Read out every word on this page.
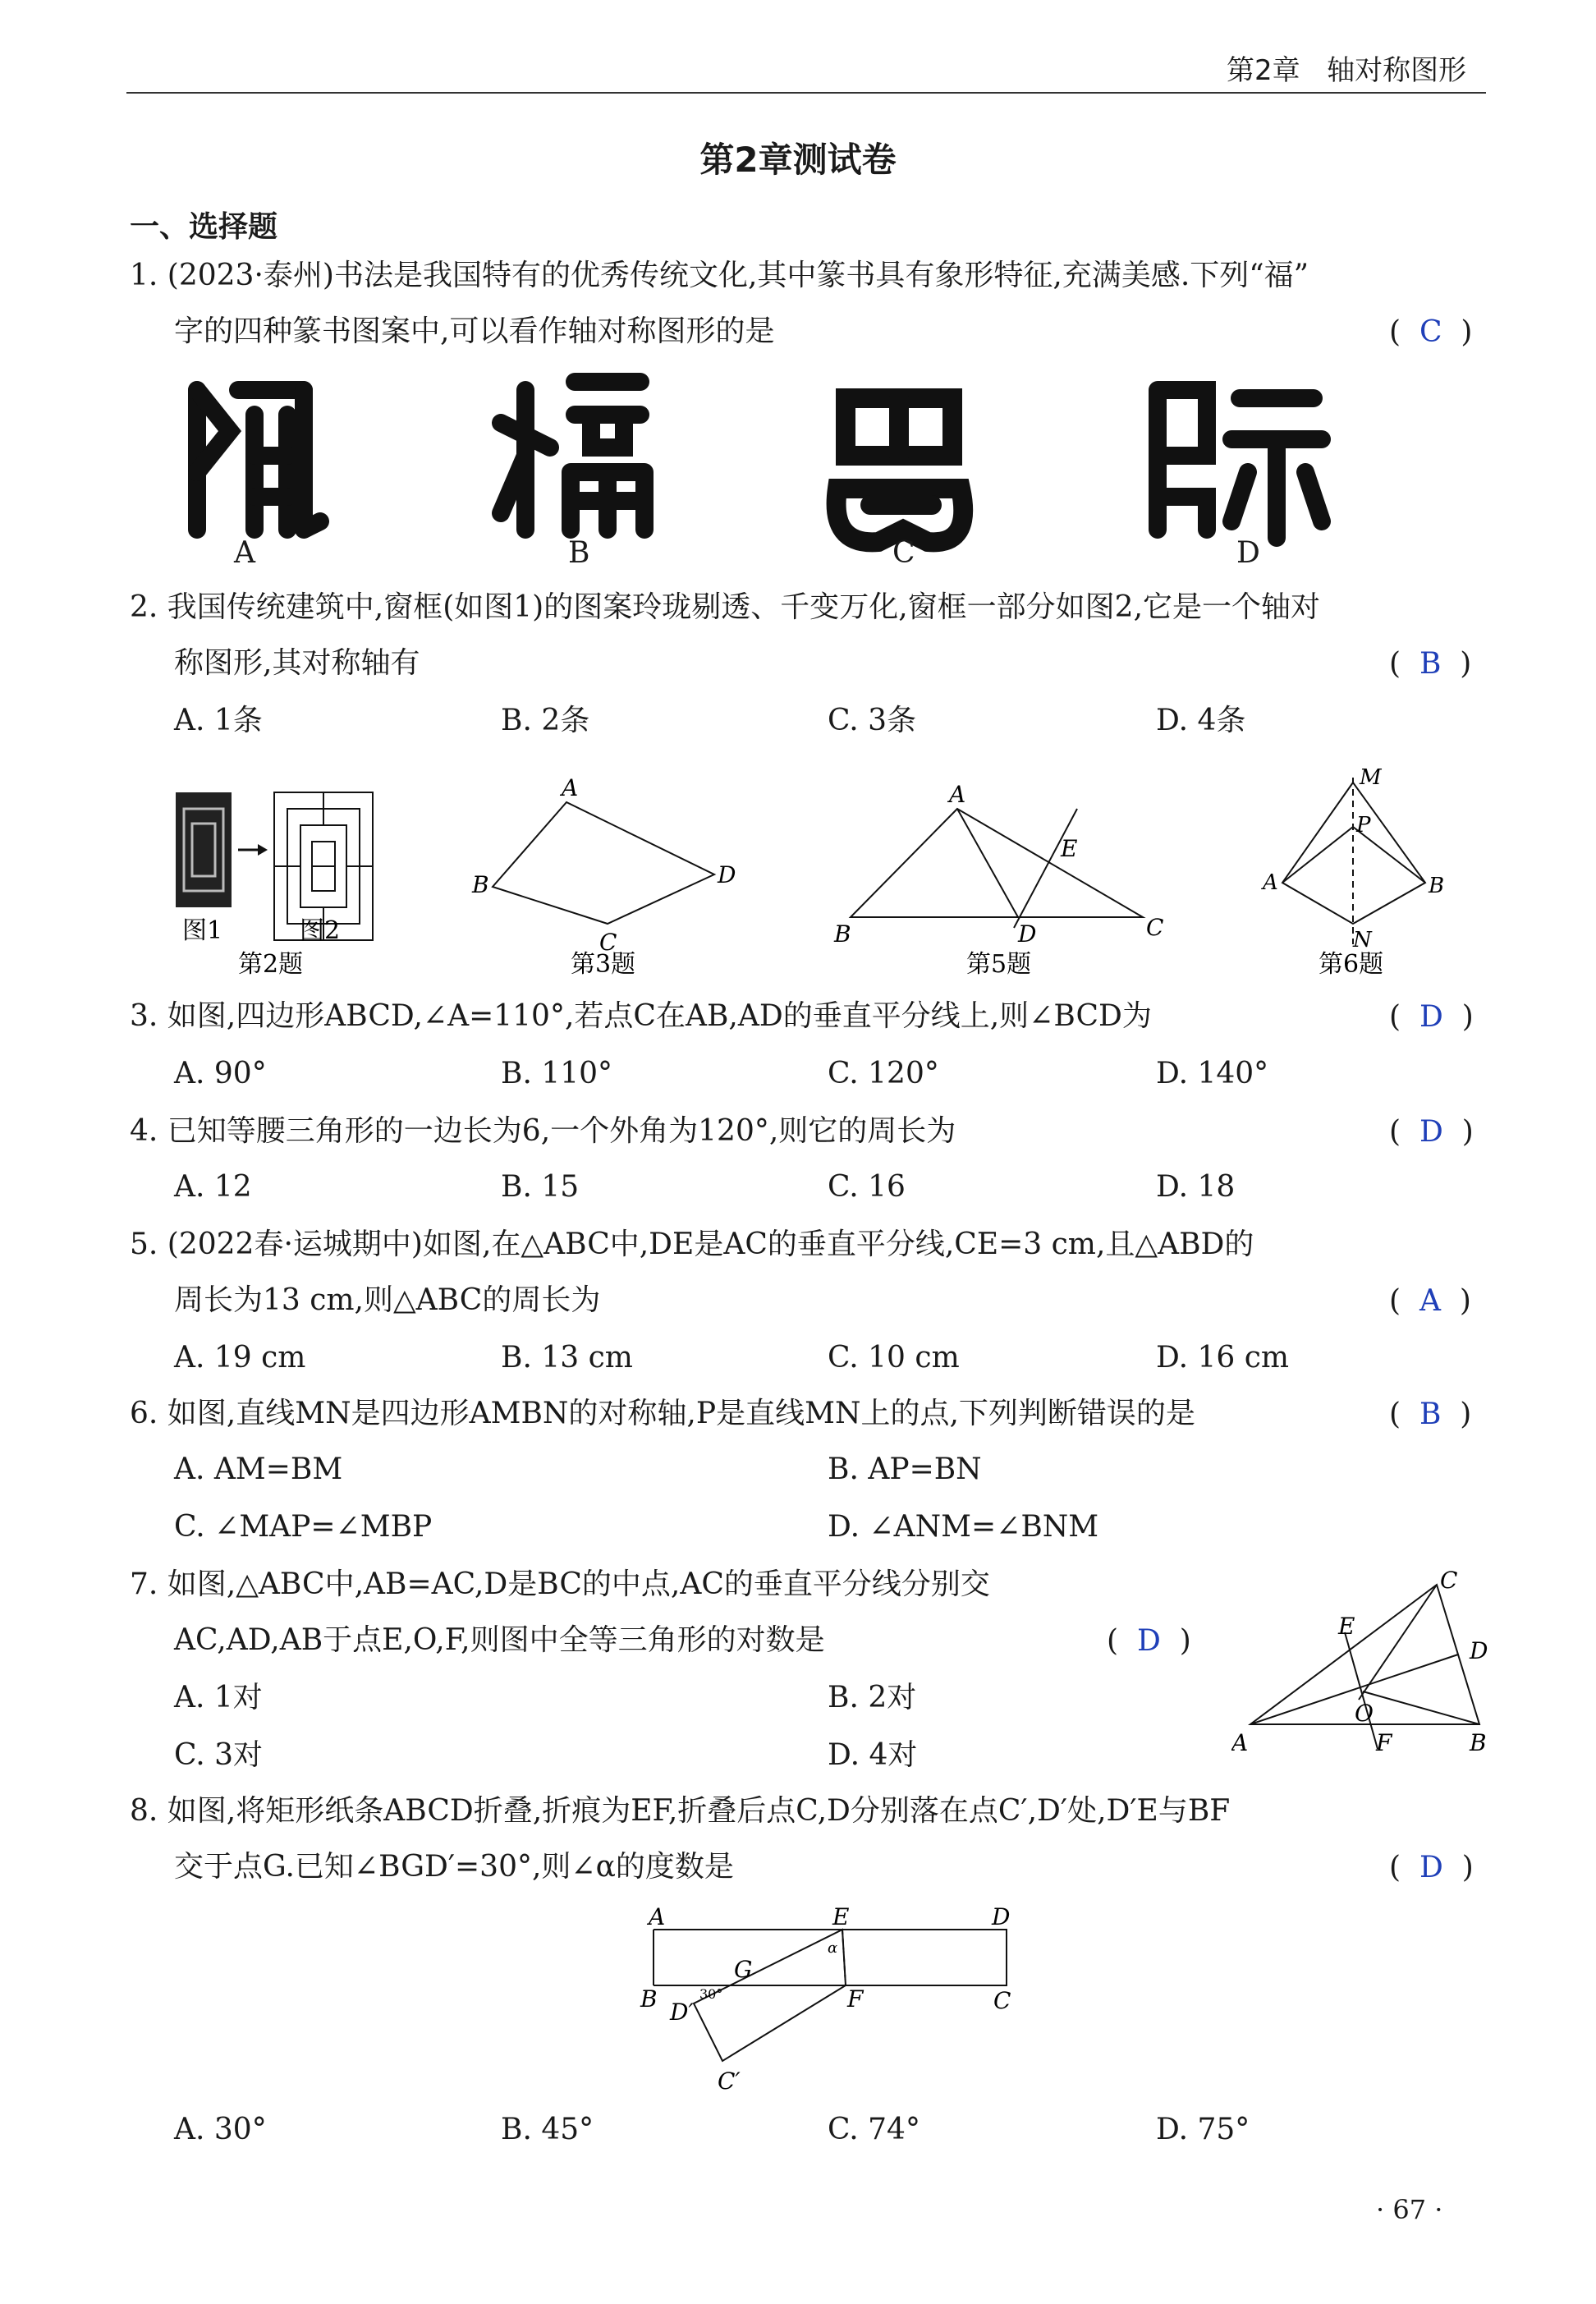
第2章 轴对称图形
第2章测试卷
一、选择题
1. (2023·泰州)书法是我国特有的优秀传统文化,其中篆书具有象形特征,充满美感.下列“福”
字的四种篆书图案中,可以看作轴对称图形的是	(  C  )
A	B	C	D
2. 我国传统建筑中,窗框(如图1)的图案玲珑剔透、千变万化,窗框一部分如图2,它是一个轴对
称图形,其对称轴有	(  B  )
A. 1条	B. 2条	C. 3条	D. 4条
图1	图2
第2题
A
B
C
D
第3题
A
B	C
D
E
第5题
M
P
A	B
N
第6题
3. 如图,四边形ABCD,∠A=110°,若点C在AB,AD的垂直平分线上,则∠BCD为	(  D  )
A. 90°	B. 110°	C. 120°	D. 140°
4. 已知等腰三角形的一边长为6,一个外角为120°,则它的周长为	(  D  )
A. 12	B. 15	C. 16	D. 18
5. (2022春·运城期中)如图,在△ABC中,DE是AC的垂直平分线,CE=3 cm,且△ABD的
周长为13 cm,则△ABC的周长为	(  A  )
A. 19 cm	B. 13 cm	C. 10 cm	D. 16 cm
6. 如图,直线MN是四边形AMBN的对称轴,P是直线MN上的点,下列判断错误的是	(  B  )
A. AM=BM	B. AP=BN
C. ∠MAP=∠MBP	D. ∠ANM=∠BNM
7. 如图,△ABC中,AB=AC,D是BC的中点,AC的垂直平分线分别交
AC,AD,AB于点E,O,F,则图中全等三角形的对数是	(  D  )
A. 1对	B. 2对
C. 3对	D. 4对
C
E
D
O
A	F	B
8. 如图,将矩形纸条ABCD折叠,折痕为EF,折叠后点C,D分别落在点C′,D′处,D′E与BF
交于点G.已知∠BGD′=30°,则∠α的度数是	(  D  )
A	E	D
α
G
30°
B D′	F	C
C′
A. 30°	B. 45°	C. 74°	D. 75°
· 67 ·
